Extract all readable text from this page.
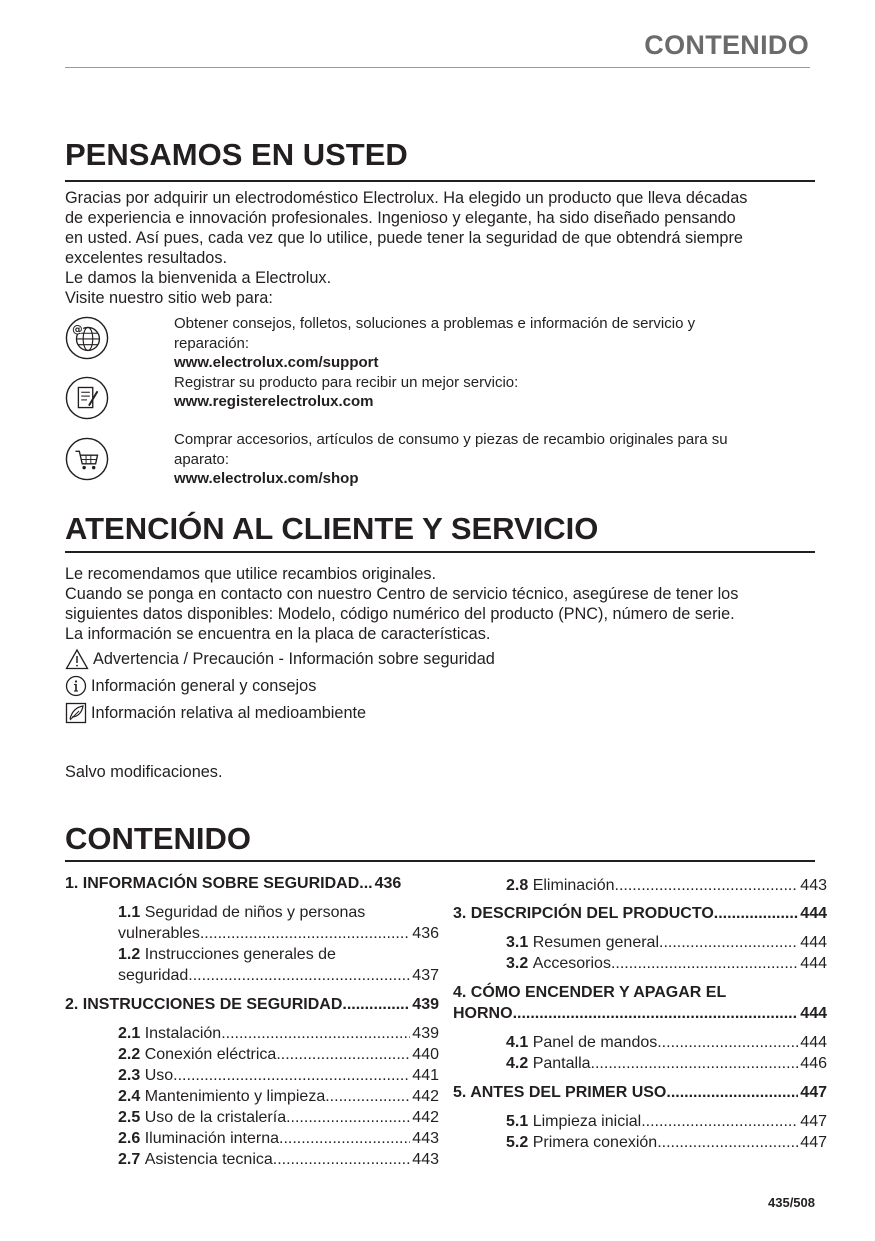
CONTENIDO
PENSAMOS EN USTED

Gracias por adquirir un electrodoméstico Electrolux. Ha elegido un producto que lleva décadas

de experiencia e innovación profesionales. Ingenioso y elegante, ha sido diseñado pensando

en usted. Así pues, cada vez que lo utilice, puede tener la seguridad de que obtendrá siempre

excelentes resultados.

Le damos la bienvenida a Electrolux.

Visite nuestro sitio web para:

@	Obtener consejos, folletos, soluciones a problemas e información de servicio y

reparación:

www.electrolux.com/support

Registrar su producto para recibir un mejor servicio:

www.registerelectrolux.com

Comprar accesorios, artículos de consumo y piezas de recambio originales para su

aparato:

www.electrolux.com/shop

ATENCIÓN AL CLIENTE Y SERVICIO

Le recomendamos que utilice recambios originales.

Cuando se ponga en contacto con nuestro Centro de servicio técnico, asegúrese de tener los

siguientes datos disponibles: Modelo, código numérico del producto (PNC), número de serie.

La información se encuentra en la placa de características.

Advertencia / Precaución - Información sobre seguridad
Información general y consejos
Información relativa al medioambiente
Salvo modificaciones.
CONTENIDO
1. INFORMACIÓN SOBRE SEGURIDAD... 436
1.1
Seguridad de niños y personas
vulnerables .....	436
1.2
Instrucciones generales de
seguridad .....	437
2. INSTRUCCIONES DE SEGURIDAD .....	439
2.1
Instalación .....	439
2.2
Conexión eléctrica .....	440
2.3
Uso .....	441
2.4
Mantenimiento y limpieza .....	442
2.5
Uso de la cristalería .....	442
2.6
Iluminación interna .....	443
2.7
Asistencia tecnica .....	443
2.8
Eliminación .....	443
3. DESCRIPCIÓN DEL PRODUCTO .....	444
3.1
Resumen general .....	444
3.2
Accesorios .....	444
4. CÓMO ENCENDER Y APAGAR EL
HORNO .....	444
4.1
Panel de mandos .....	444
4.2
Pantalla .....	446
5. ANTES DEL PRIMER USO .....	447
5.1
Limpieza inicial .....	447
5.2
Primera conexión .....	447
435/508
